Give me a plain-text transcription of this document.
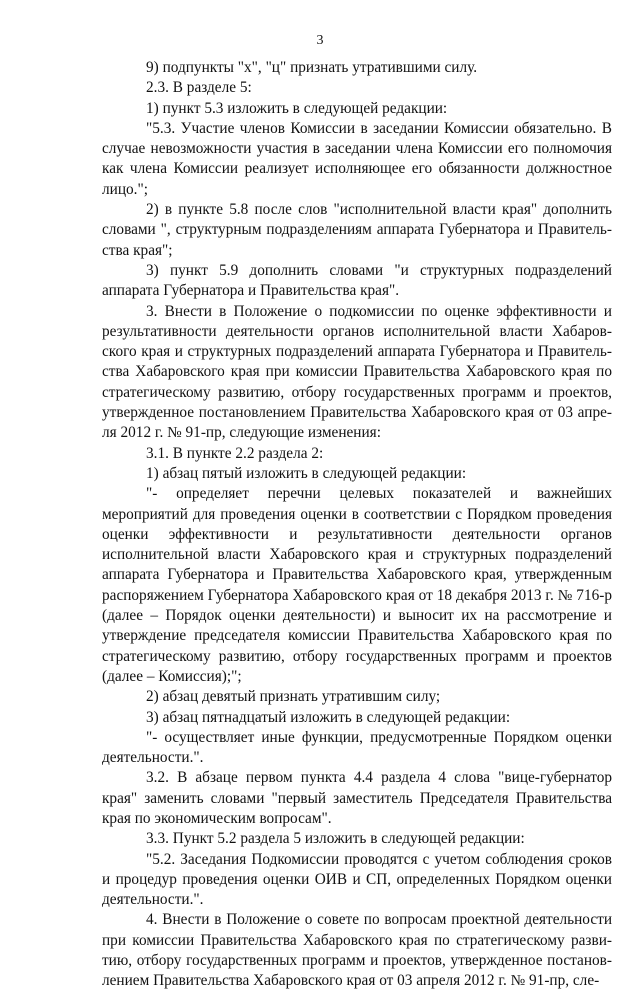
3

9) подпункты "х", "ц" признать утратившими силу.

2.3. В разделе 5:

1) пункт 5.3 изложить в следующей редакции:

"5.3. Участие членов Комиссии в заседании Комиссии обязательно. В случае невозможности участия в заседании члена Комиссии его полномочия как члена Комиссии реализует исполняющее его обязанности должностное лицо.";

2) в пункте 5.8 после слов "исполнительной власти края" дополнить словами ", структурным подразделениям аппарата Губернатора и Правительства края";

3) пункт 5.9 дополнить словами "и структурных подразделений аппарата Губернатора и Правительства края".

3. Внести в Положение о подкомиссии по оценке эффективности и результативности деятельности органов исполнительной власти Хабаровского края и структурных подразделений аппарата Губернатора и Правительства Хабаровского края при комиссии Правительства Хабаровского края по стратегическому развитию, отбору государственных программ и проектов, утвержденное постановлением Правительства Хабаровского края от 03 апреля 2012 г. № 91-пр, следующие изменения:

3.1. В пункте 2.2 раздела 2:

1) абзац пятый изложить в следующей редакции:

"- определяет перечни целевых показателей и важнейших мероприятий для проведения оценки в соответствии с Порядком проведения оценки эффективности и результативности деятельности органов исполнительной власти Хабаровского края и структурных подразделений аппарата Губернатора и Правительства Хабаровского края, утвержденным распоряжением Губернатора Хабаровского края от 18 декабря 2013 г. № 716-р (далее – Порядок оценки деятельности) и выносит их на рассмотрение и утверждение председателя комиссии Правительства Хабаровского края по стратегическому развитию, отбору государственных программ и проектов (далее – Комиссия);";

2) абзац девятый признать утратившим силу;

3) абзац пятнадцатый изложить в следующей редакции:

"- осуществляет иные функции, предусмотренные Порядком оценки деятельности.".

3.2. В абзаце первом пункта 4.4 раздела 4 слова "вице-губернатор края" заменить словами "первый заместитель Председателя Правительства края по экономическим вопросам".

3.3. Пункт 5.2 раздела 5 изложить в следующей редакции:

"5.2. Заседания Подкомиссии проводятся с учетом соблюдения сроков и процедур проведения оценки ОИВ и СП, определенных Порядком оценки деятельности.".

4. Внести в Положение о совете по вопросам проектной деятельности при комиссии Правительства Хабаровского края по стратегическому развитию, отбору государственных программ и проектов, утвержденное постановлением Правительства Хабаровского края от 03 апреля 2012 г. № 91-пр, сле-
